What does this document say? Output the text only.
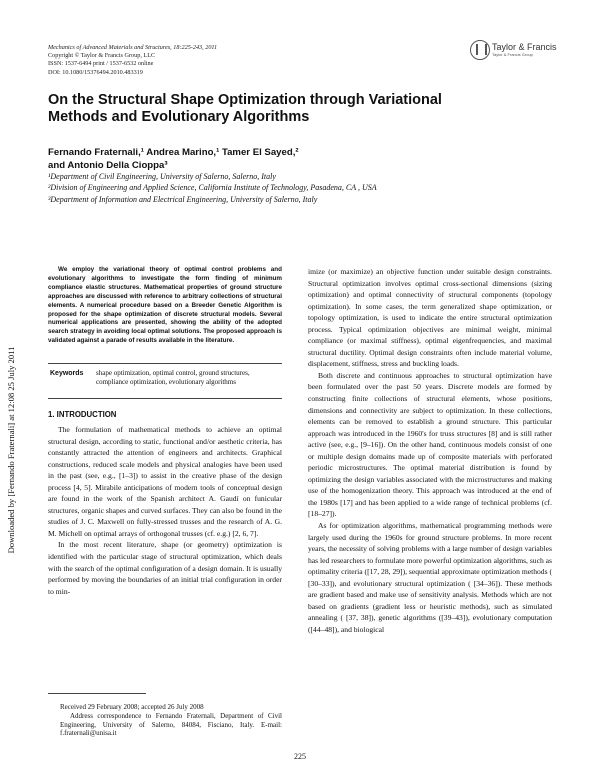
Mechanics of Advanced Materials and Structures, 18:225-243, 2011
Copyright © Taylor & Francis Group, LLC
ISSN: 1537-6494 print / 1537-6532 online
DOI: 10.1080/15376494.2010.483319
Taylor & Francis
Taylor & Francis Group
On the Structural Shape Optimization through Variational Methods and Evolutionary Algorithms
Fernando Fraternali,¹ Andrea Marino,¹ Tamer El Sayed,²
and Antonio Della Cioppa³
¹Department of Civil Engineering, University of Salerno, Salerno, Italy
²Division of Engineering and Applied Science, California Institute of Technology, Pasadena, CA , USA
³Department of Information and Electrical Engineering, University of Salerno, Italy
Downloaded by [Fernando Fraternali] at 12:08 25 July 2011
We employ the variational theory of optimal control problems and evolutionary algorithms to investigate the form finding of minimum compliance elastic structures. Mathematical properties of ground structure approaches are discussed with reference to arbitrary collections of structural elements. A numerical procedure based on a Breeder Genetic Algorithm is proposed for the shape optimization of discrete structural models. Several numerical applications are presented, showing the ability of the adopted search strategy in avoiding local optimal solutions. The proposed approach is validated against a parade of results available in the literature.
Keywords shape optimization, optimal control, ground structures, compliance optimization, evolutionary algorithms
1. INTRODUCTION

The formulation of mathematical methods to achieve an optimal structural design, according to static, functional and/or aesthetic criteria, has constantly attracted the attention of engineers and architects. Graphical constructions, reduced scale models and physical analogies have been used in the past (see, e.g., [1–3]) to assist in the creative phase of the design process [4, 5]. Mirabile anticipations of modern tools of conceptual design are found in the work of the Spanish architect A. Gaudí on funicular structures, organic shapes and curved surfaces. They can also be found in the studies of J. C. Maxwell on fully-stressed trusses and the research of A. G. M. Michell on optimal arrays of orthogonal trusses (cf. e.g.) [2, 6, 7].

In the most recent literature, shape (or geometry) optimization is identified with the particular stage of structural optimization, which deals with the search of the optimal configuration of a design domain. It is usually performed by moving the boundaries of an initial trial configuration in order to min-

imize (or maximize) an objective function under suitable design constraints. Structural optimization involves optimal cross-sectional dimensions (sizing optimization) and optimal connectivity of structural components (topology optimization). In some cases, the term generalized shape optimization, or topology optimization, is used to indicate the entire structural optimization process. Typical optimization objectives are minimal weight, minimal compliance (or maximal stiffness), optimal eigenfrequencies, and maximal structural ductility. Optimal design constraints often include material volume, displacement, stiffness, stress and buckling loads.

Both discrete and continuous approaches to structural optimization have been formulated over the past 50 years. Discrete models are formed by constructing finite collections of structural elements, whose positions, dimensions and connectivity are subject to optimization. In these collections, elements can be removed to establish a ground structure. This particular approach was introduced in the 1960's for truss structures [8] and is still rather active (see, e.g., [9–16]). On the other hand, continuous models consist of one or multiple design domains made up of composite materials with perforated periodic microstructures. The optimal material distribution is found by optimizing the design variables associated with the microstructures and making use of the homogenization theory. This approach was introduced at the end of the 1980s [17] and has been applied to a wide range of technical problems (cf. [18–27]).

As for optimization algorithms, mathematical programming methods were largely used during the 1960s for ground structure problems. In more recent years, the necessity of solving problems with a large number of design variables has led researchers to formulate more powerful optimization algorithms, such as optimality criteria ([17, 28, 29]), sequential approximate optimization methods ( [30–33]), and evolutionary structural optimization ( [34–36]). These methods are gradient based and make use of sensitivity analysis. Methods which are not based on gradients (gradient less or heuristic methods), such as simulated annealing ( [37, 38]), genetic algorithms ([39–43]), evolutionary computation ([44–48]), and biological

Received 29 February 2008; accepted 26 July 2008

Address correspondence to Fernando Fraternali, Department of Civil Engineering, University of Salerno, 84084, Fisciano, Italy. E-mail: f.fraternali@unisa.it

225
